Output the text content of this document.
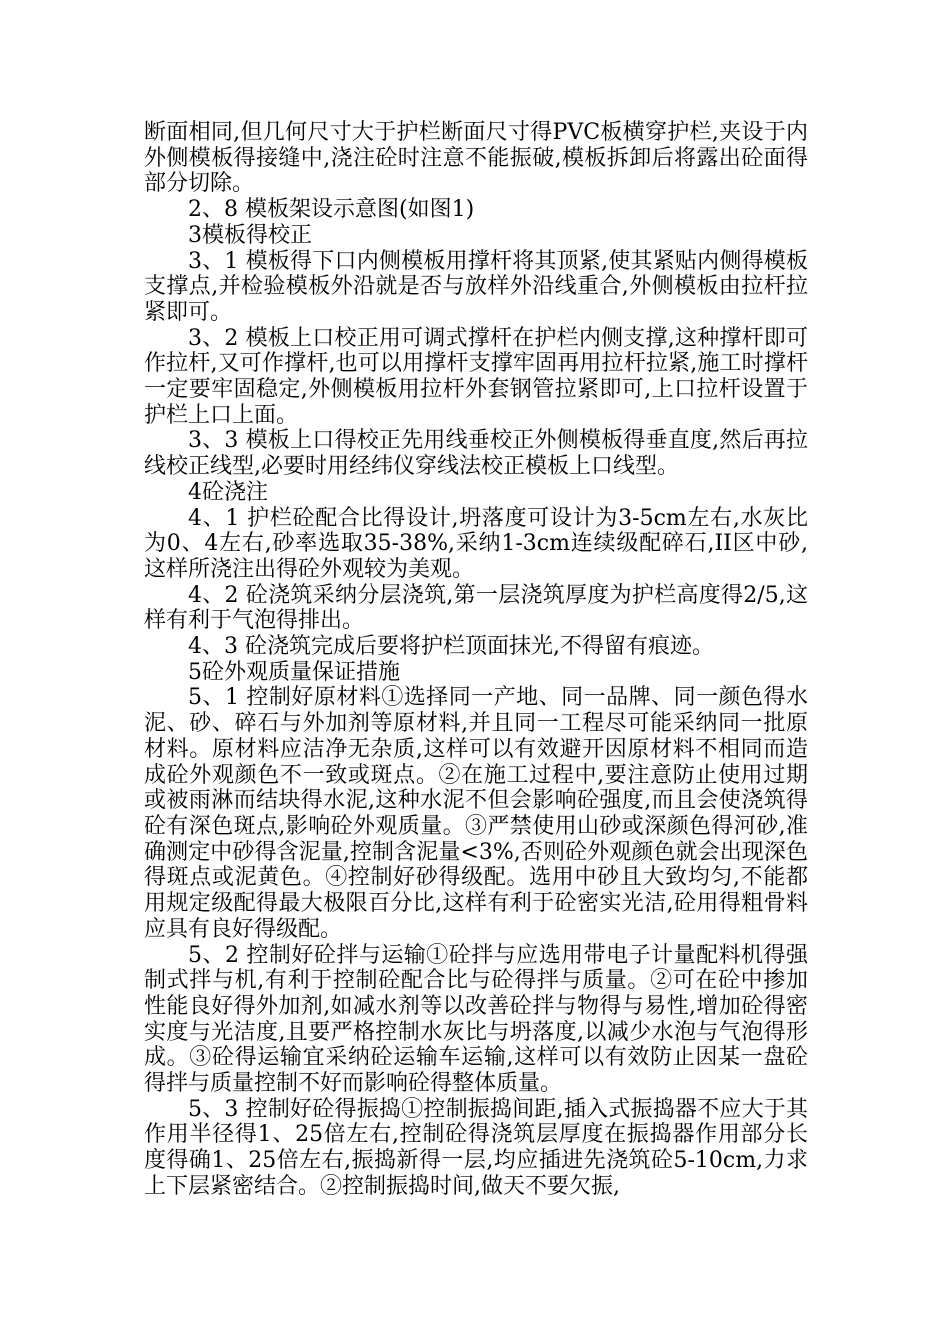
断面相同,但几何尺寸大于护栏断面尺寸得PVC板横穿护栏,夹设于内外侧模板得接缝中,浇注砼时注意不能振破,模板拆卸后将露出砼面得部分切除。

2、8 模板架设示意图(如图1)

3模板得校正

3、1 模板得下口内侧模板用撑杆将其顶紧,使其紧贴内侧得模板支撑点,并检验模板外沿就是否与放样外沿线重合,外侧模板由拉杆拉紧即可。

3、2 模板上口校正用可调式撑杆在护栏内侧支撑,这种撑杆即可作拉杆,又可作撑杆,也可以用撑杆支撑牢固再用拉杆拉紧,施工时撑杆一定要牢固稳定,外侧模板用拉杆外套钢管拉紧即可,上口拉杆设置于护栏上口上面。

3、3 模板上口得校正先用线垂校正外侧模板得垂直度,然后再拉线校正线型,必要时用经纬仪穿线法校正模板上口线型。

4砼浇注

4、1 护栏砼配合比得设计,坍落度可设计为3-5cm左右,水灰比为0、4左右,砂率选取35-38%,采纳1-3cm连续级配碎石,II区中砂,这样所浇注出得砼外观较为美观。

4、2 砼浇筑采纳分层浇筑,第一层浇筑厚度为护栏高度得2/5,这样有利于气泡得排出。

4、3 砼浇筑完成后要将护栏顶面抹光,不得留有痕迹。

5砼外观质量保证措施

5、1 控制好原材料①选择同一产地、同一品牌、同一颜色得水泥、砂、碎石与外加剂等原材料,并且同一工程尽可能采纳同一批原材料。原材料应洁净无杂质,这样可以有效避开因原材料不相同而造成砼外观颜色不一致或斑点。②在施工过程中,要注意防止使用过期或被雨淋而结块得水泥,这种水泥不但会影响砼强度,而且会使浇筑得砼有深色斑点,影响砼外观质量。③严禁使用山砂或深颜色得河砂,准确测定中砂得含泥量,控制含泥量<3%,否则砼外观颜色就会出现深色得斑点或泥黄色。④控制好砂得级配。选用中砂且大致均匀,不能都用规定级配得最大极限百分比,这样有利于砼密实光洁,砼用得粗骨料应具有良好得级配。

5、2 控制好砼拌与运输①砼拌与应选用带电子计量配料机得强制式拌与机,有利于控制砼配合比与砼得拌与质量。②可在砼中掺加性能良好得外加剂,如减水剂等以改善砼拌与物得与易性,增加砼得密实度与光洁度,且要严格控制水灰比与坍落度,以减少水泡与气泡得形成。③砼得运输宜采纳砼运输车运输,这样可以有效防止因某一盘砼得拌与质量控制不好而影响砼得整体质量。

5、3 控制好砼得振捣①控制振捣间距,插入式振捣器不应大于其作用半径得1、25倍左右,控制砼得浇筑层厚度在振捣器作用部分长度得确1、25倍左右,振捣新得一层,均应插进先浇筑砼5-10cm,力求上下层紧密结合。②控制振捣时间,做天不要欠振,
